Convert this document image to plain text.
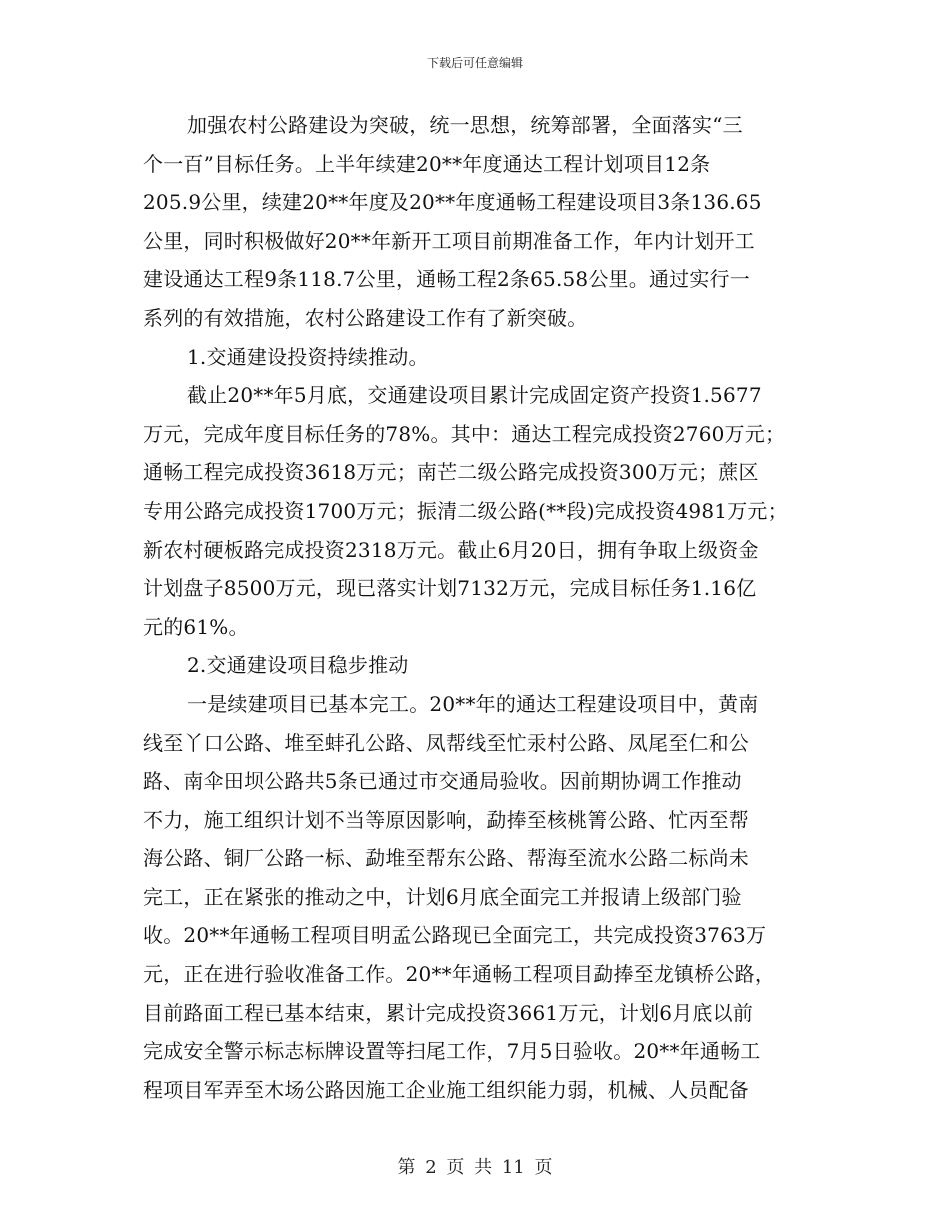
下载后可任意编辑
加强农村公路建设为突破，统一思想，统筹部署，全面落实“三
个一百”目标任务。上半年续建20**年度通达工程计划项目12条
205.9公里，续建20**年度及20**年度通畅工程建设项目3条136.65
公里，同时积极做好20**年新开工项目前期准备工作，年内计划开工
建设通达工程9条118.7公里，通畅工程2条65.58公里。通过实行一
系列的有效措施，农村公路建设工作有了新突破。
1.交通建设投资持续推动。
截止20**年5月底，交通建设项目累计完成固定资产投资1.5677
万元，完成年度目标任务的78%。其中：通达工程完成投资2760万元；
通畅工程完成投资3618万元；南芒二级公路完成投资300万元；蔗区
专用公路完成投资1700万元；振清二级公路(**段)完成投资4981万元；
新农村硬板路完成投资2318万元。截止6月20日，拥有争取上级资金
计划盘子8500万元，现已落实计划7132万元，完成目标任务1.16亿
元的61%。
2.交通建设项目稳步推动
一是续建项目已基本完工。20**年的通达工程建设项目中，黄南
线至丫口公路、堆至蚌孔公路、凤帮线至忙汞村公路、凤尾至仁和公
路、南伞田坝公路共5条已通过市交通局验收。因前期协调工作推动
不力，施工组织计划不当等原因影响，勐捧至核桃箐公路、忙丙至帮
海公路、铜厂公路一标、勐堆至帮东公路、帮海至流水公路二标尚未
完工，正在紧张的推动之中，计划6月底全面完工并报请上级部门验
收。20**年通畅工程项目明孟公路现已全面完工，共完成投资3763万
元，正在进行验收准备工作。20**年通畅工程项目勐捧至龙镇桥公路，
目前路面工程已基本结束，累计完成投资3661万元，计划6月底以前
完成安全警示标志标牌设置等扫尾工作，7月5日验收。20**年通畅工
程项目军弄至木场公路因施工企业施工组织能力弱，机械、人员配备
第 2 页 共 11 页
